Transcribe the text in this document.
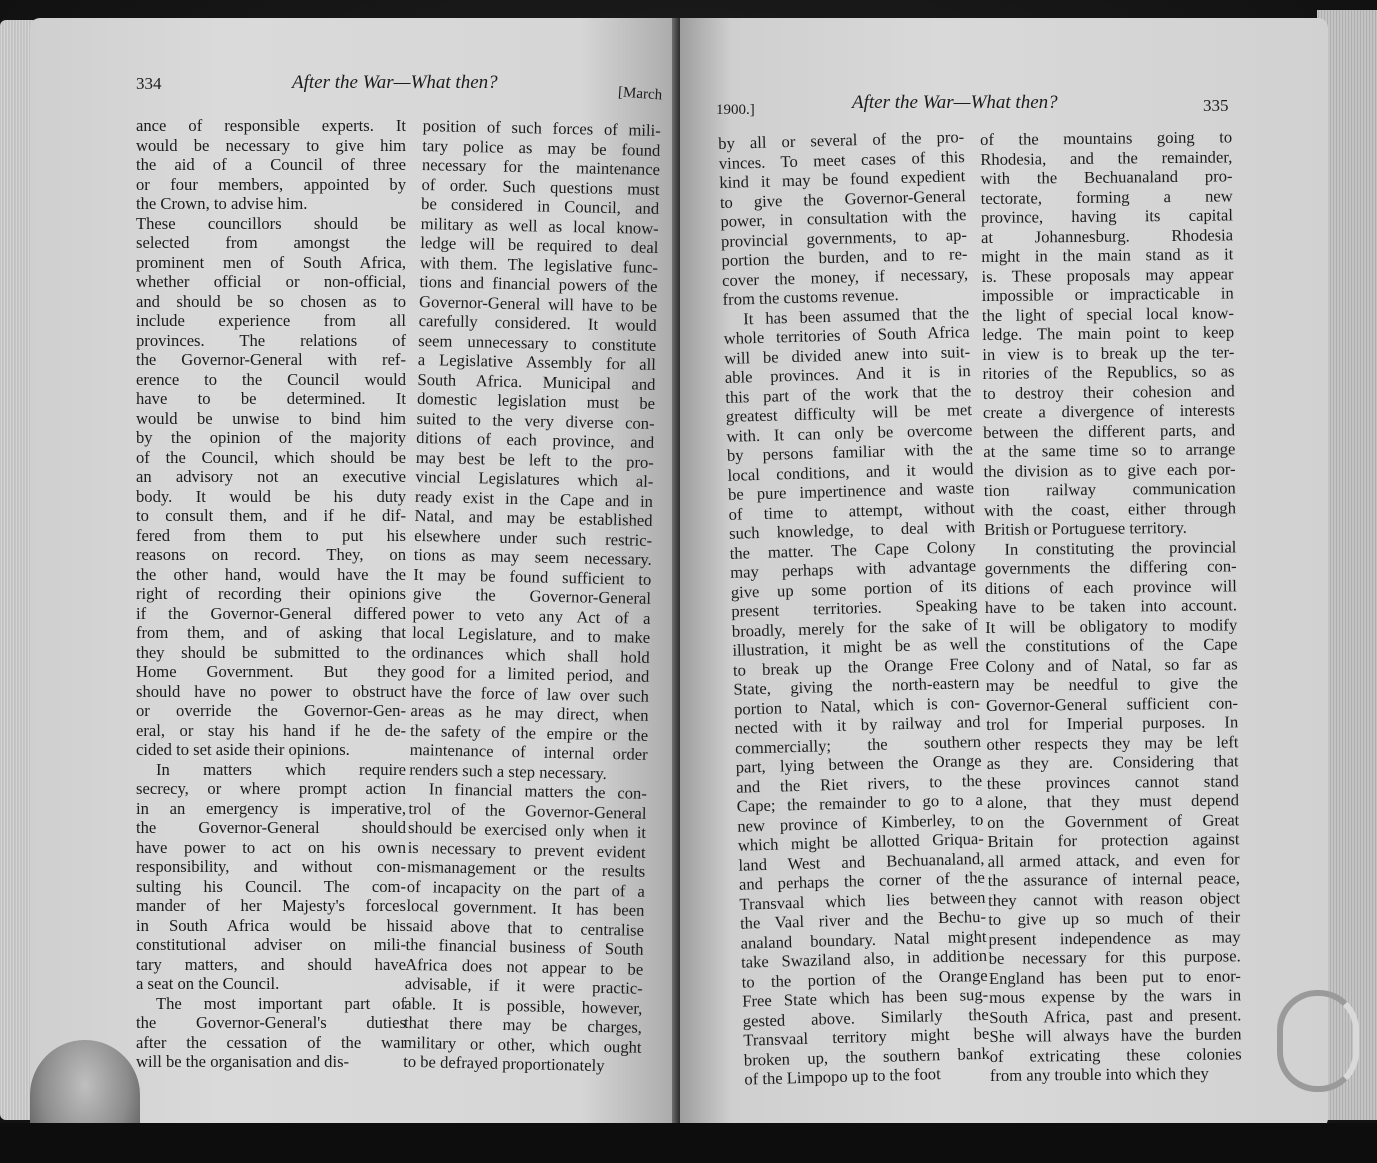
334	After the War—What then?
[March
ance of responsible experts. It
would be necessary to give him
the aid of a Council of three
or four members, appointed by
the Crown, to advise him.
These councillors should be
selected from amongst the
prominent men of South Africa,
whether official or non-official,
and should be so chosen as to
include experience from all
provinces. The relations of
the Governor-General with ref-
erence to the Council would
have to be determined. It
would be unwise to bind him
by the opinion of the majority
of the Council, which should be
an advisory not an executive
body. It would be his duty
to consult them, and if he dif-
fered from them to put his
reasons on record. They, on
the other hand, would have the
right of recording their opinions
if the Governor-General differed
from them, and of asking that
they should be submitted to the
Home Government. But they
should have no power to obstruct
or override the Governor-Gen-
eral, or stay his hand if he de-
cided to set aside their opinions.
In matters which require
secrecy, or where prompt action
in an emergency is imperative,
the Governor-General should
have power to act on his own
responsibility, and without con-
sulting his Council. The com-
mander of her Majesty's forces
in South Africa would be his
constitutional adviser on mili-
tary matters, and should have
a seat on the Council.
The most important part of
the Governor-General's duties
after the cessation of the war
will be the organisation and dis-
position of such forces of mili-
tary police as may be found
necessary for the maintenance
of order. Such questions must
be considered in Council, and
military as well as local know-
ledge will be required to deal
with them. The legislative func-
tions and financial powers of the
Governor-General will have to be
carefully considered. It would
seem unnecessary to constitute
a Legislative Assembly for all
South Africa. Municipal and
domestic legislation must be
suited to the very diverse con-
ditions of each province, and
may best be left to the pro-
vincial Legislatures which al-
ready exist in the Cape and in
Natal, and may be established
elsewhere under such restric-
tions as may seem necessary.
It may be found sufficient to
give the Governor-General
power to veto any Act of a
local Legislature, and to make
ordinances which shall hold
good for a limited period, and
have the force of law over such
areas as he may direct, when
the safety of the empire or the
maintenance of internal order
renders such a step necessary.
In financial matters the con-
trol of the Governor-General
should be exercised only when it
is necessary to prevent evident
mismanagement or the results
of incapacity on the part of a
local government. It has been
said above that to centralise
the financial business of South
Africa does not appear to be
advisable, if it were practic-
able. It is possible, however,
that there may be charges,
military or other, which ought
to be defrayed proportionately
1900.]	After the War—What then?	335
by all or several of the pro-
vinces. To meet cases of this
kind it may be found expedient
to give the Governor-General
power, in consultation with the
provincial governments, to ap-
portion the burden, and to re-
cover the money, if necessary,
from the customs revenue.
It has been assumed that the
whole territories of South Africa
will be divided anew into suit-
able provinces. And it is in
this part of the work that the
greatest difficulty will be met
with. It can only be overcome
by persons familiar with the
local conditions, and it would
be pure impertinence and waste
of time to attempt, without
such knowledge, to deal with
the matter. The Cape Colony
may perhaps with advantage
give up some portion of its
present territories. Speaking
broadly, merely for the sake of
illustration, it might be as well
to break up the Orange Free
State, giving the north-eastern
portion to Natal, which is con-
nected with it by railway and
commercially; the southern
part, lying between the Orange
and the Riet rivers, to the
Cape; the remainder to go to a
new province of Kimberley, to
which might be allotted Griqua-
land West and Bechuanaland,
and perhaps the corner of the
Transvaal which lies between
the Vaal river and the Bechu-
analand boundary. Natal might
take Swaziland also, in addition
to the portion of the Orange
Free State which has been sug-
gested above. Similarly the
Transvaal territory might be
broken up, the southern bank
of the Limpopo up to the foot
of the mountains going to
Rhodesia, and the remainder,
with the Bechuanaland pro-
tectorate, forming a new
province, having its capital
at Johannesburg. Rhodesia
might in the main stand as it
is. These proposals may appear
impossible or impracticable in
the light of special local know-
ledge. The main point to keep
in view is to break up the ter-
ritories of the Republics, so as
to destroy their cohesion and
create a divergence of interests
between the different parts, and
at the same time so to arrange
the division as to give each por-
tion railway communication
with the coast, either through
British or Portuguese territory.
In constituting the provincial
governments the differing con-
ditions of each province will
have to be taken into account.
It will be obligatory to modify
the constitutions of the Cape
Colony and of Natal, so far as
may be needful to give the
Governor-General sufficient con-
trol for Imperial purposes. In
other respects they may be left
as they are. Considering that
these provinces cannot stand
alone, that they must depend
on the Government of Great
Britain for protection against
all armed attack, and even for
the assurance of internal peace,
they cannot with reason object
to give up so much of their
present independence as may
be necessary for this purpose.
England has been put to enor-
mous expense by the wars in
South Africa, past and present.
She will always have the burden
of extricating these colonies
from any trouble into which they
